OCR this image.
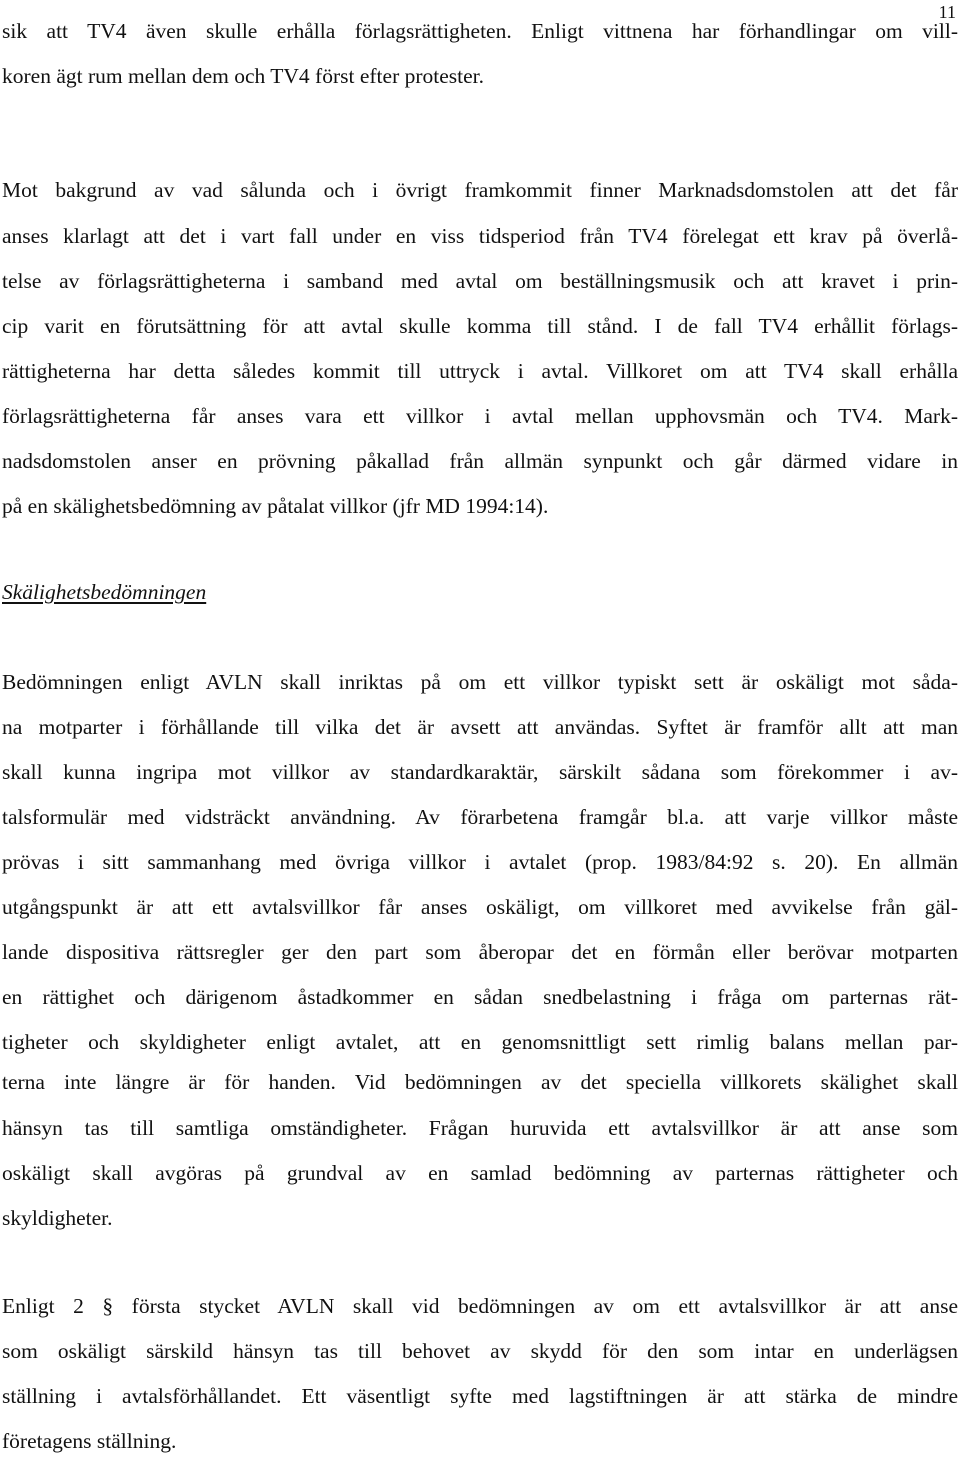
11
sik att TV4 även skulle erhålla förlagsrättigheten. Enligt vittnena har förhandlingar om vill-
koren ägt rum mellan dem och TV4 först efter protester.
Mot bakgrund av vad sålunda och i övrigt framkommit finner Marknadsdomstolen att det får
anses klarlagt att det i vart fall under en viss tidsperiod från TV4 förelegat ett krav på överlå-
telse av förlagsrättigheterna i samband med avtal om beställningsmusik och att kravet i prin-
cip varit en förutsättning för att avtal skulle komma till stånd. I de fall TV4 erhållit förlags-
rättigheterna har detta således kommit till uttryck i avtal. Villkoret om att TV4 skall erhålla
förlagsrättigheterna får anses vara ett villkor i avtal mellan upphovsmän och TV4. Mark-
nadsdomstolen anser en prövning påkallad från allmän synpunkt och går därmed vidare in
på en skälighetsbedömning av påtalat villkor (jfr MD 1994:14).
Skälighetsbedömningen
Bedömningen enligt AVLN skall inriktas på om ett villkor typiskt sett är oskäligt mot såda-
na motparter i förhållande till vilka det är avsett att användas. Syftet är framför allt att man
skall kunna ingripa mot villkor av standardkaraktär, särskilt sådana som förekommer i av-
talsformulär med vidsträckt användning. Av förarbetena framgår bl.a. att varje villkor måste
prövas i sitt sammanhang med övriga villkor i avtalet (prop. 1983/84:92 s. 20). En allmän
utgångspunkt är att ett avtalsvillkor får anses oskäligt, om villkoret med avvikelse från gäl-
lande dispositiva rättsregler ger den part som åberopar det en förmån eller berövar motparten
en rättighet och därigenom åstadkommer en sådan snedbelastning i fråga om parternas rät-
tigheter och skyldigheter enligt avtalet, att en genomsnittligt sett rimlig balans mellan par-
terna inte längre är för handen. Vid bedömningen av det speciella villkorets skälighet skall
hänsyn tas till samtliga omständigheter. Frågan huruvida ett avtalsvillkor är att anse som
oskäligt skall avgöras på grundval av en samlad bedömning av parternas rättigheter och
skyldigheter.
Enligt 2 § första stycket AVLN skall vid bedömningen av om ett avtalsvillkor är att anse
som oskäligt särskild hänsyn tas till behovet av skydd för den som intar en underlägsen
ställning i avtalsförhållandet. Ett väsentligt syfte med lagstiftningen är att stärka de mindre
företagens ställning.
